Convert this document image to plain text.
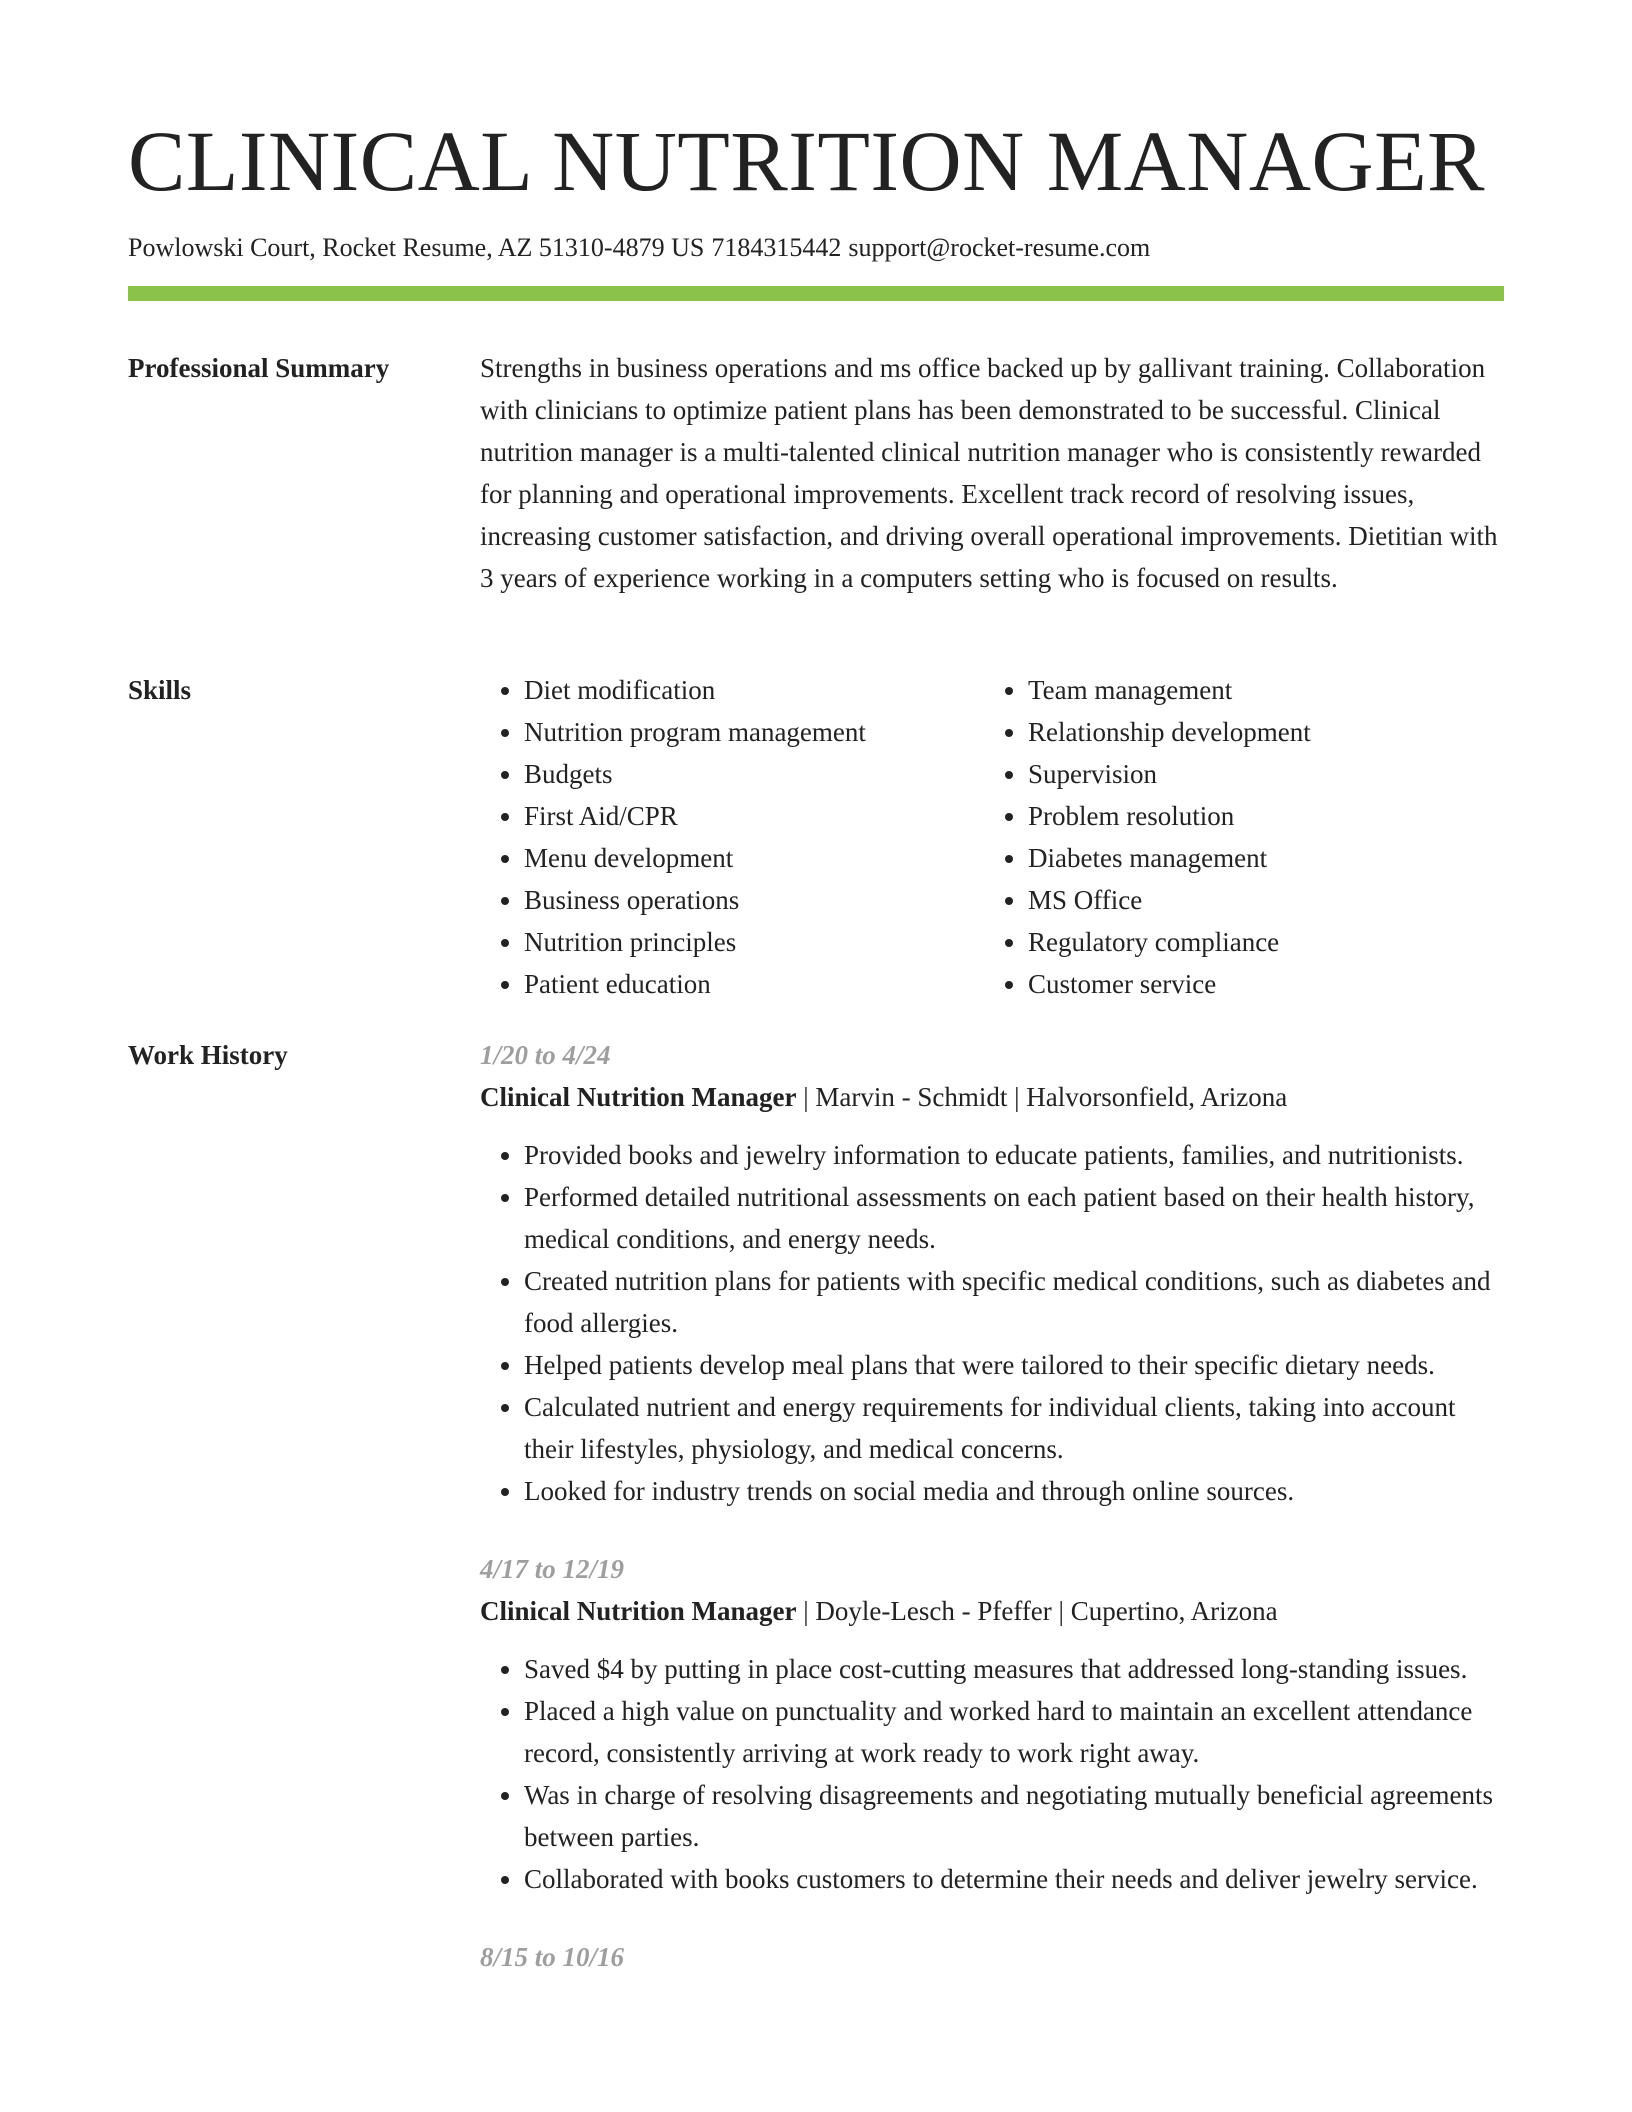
CLINICAL NUTRITION MANAGER
Powlowski Court, Rocket Resume, AZ 51310-4879 US 7184315442 support@rocket-resume.com
Professional Summary	Strengths in business operations and ms office backed up by gallivant training. Collaboration with clinicians to optimize patient plans has been demonstrated to be successful. Clinical nutrition manager is a multi-talented clinical nutrition manager who is consistently rewarded for planning and operational improvements. Excellent track record of resolving issues, increasing customer satisfaction, and driving overall operational improvements. Dietitian with 3 years of experience working in a computers setting who is focused on results.

Skills
•	Diet modification
• Nutrition program management
• Budgets
• First Aid/CPR
• Menu development
• Business operations
• Nutrition principles
• Patient education
• Team management
• Relationship development
• Supervision
• Problem resolution
• Diabetes management
• MS Office
• Regulatory compliance
• Customer service
Work History	1/20 to 4/24
Clinical Nutrition Manager | Marvin - Schmidt | Halvorsonfield, Arizona
• Provided books and jewelry information to educate patients, families, and nutritionists.
• Performed detailed nutritional assessments on each patient based on their health history, medical conditions, and energy needs.
• Created nutrition plans for patients with specific medical conditions, such as diabetes and food allergies.
• Helped patients develop meal plans that were tailored to their specific dietary needs.
• Calculated nutrient and energy requirements for individual clients, taking into account their lifestyles, physiology, and medical concerns.
• Looked for industry trends on social media and through online sources.
4/17 to 12/19
Clinical Nutrition Manager | Doyle-Lesch - Pfeffer | Cupertino, Arizona
• Saved $4 by putting in place cost-cutting measures that addressed long-standing issues.
• Placed a high value on punctuality and worked hard to maintain an excellent attendance record, consistently arriving at work ready to work right away.
• Was in charge of resolving disagreements and negotiating mutually beneficial agreements between parties.
• Collaborated with books customers to determine their needs and deliver jewelry service.
8/15 to 10/16
